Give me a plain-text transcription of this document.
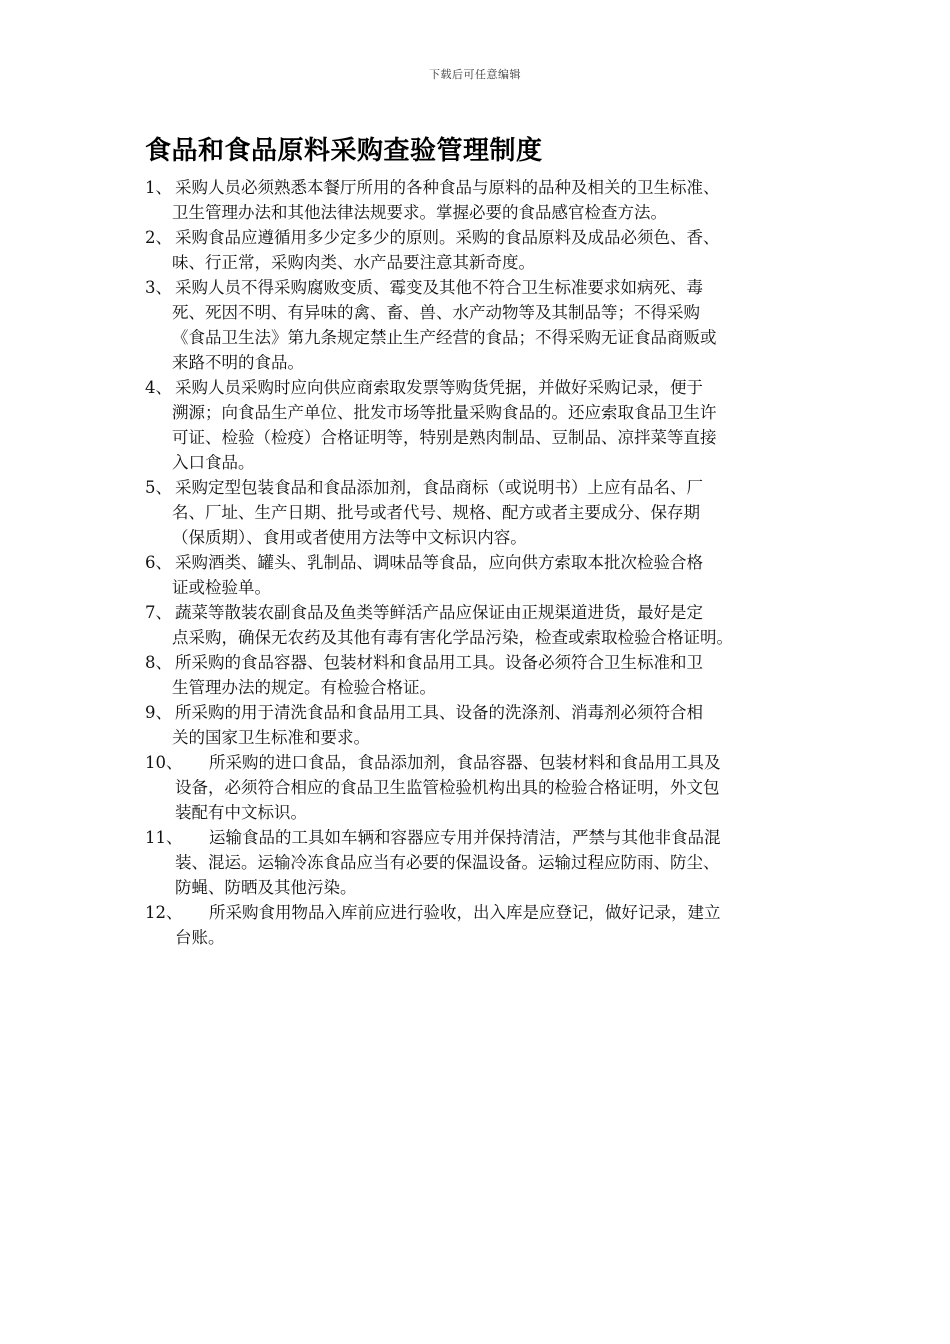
下载后可任意编辑
食品和食品原料采购查验管理制度
1、 采购人员必须熟悉本餐厅所用的各种食品与原料的品种及相关的卫生标准、
卫生管理办法和其他法律法规要求。掌握必要的食品感官检查方法。
2、 采购食品应遵循用多少定多少的原则。采购的食品原料及成品必须色、香、
味、行正常，采购肉类、水产品要注意其新奇度。
3、 采购人员不得采购腐败变质、霉变及其他不符合卫生标准要求如病死、毒
死、死因不明、有异味的禽、畜、兽、水产动物等及其制品等；不得采购
《食品卫生法》第九条规定禁止生产经营的食品；不得采购无证食品商贩或
来路不明的食品。
4、 采购人员采购时应向供应商索取发票等购货凭据，并做好采购记录，便于
溯源；向食品生产单位、批发市场等批量采购食品的。还应索取食品卫生许
可证、检验（检疫）合格证明等，特别是熟肉制品、豆制品、凉拌菜等直接
入口食品。
5、 采购定型包装食品和食品添加剂，食品商标（或说明书）上应有品名、厂
名、厂址、生产日期、批号或者代号、规格、配方或者主要成分、保存期
（保质期）、食用或者使用方法等中文标识内容。
6、 采购酒类、罐头、乳制品、调味品等食品，应向供方索取本批次检验合格
证或检验单。
7、 蔬菜等散装农副食品及鱼类等鲜活产品应保证由正规渠道进货，最好是定
点采购，确保无农药及其他有毒有害化学品污染，检查或索取检验合格证明。
8、 所采购的食品容器、包装材料和食品用工具。设备必须符合卫生标准和卫
生管理办法的规定。有检验合格证。
9、 所采购的用于清洗食品和食品用工具、设备的洗涤剂、消毒剂必须符合相
关的国家卫生标准和要求。
10、	所采购的进口食品，食品添加剂，食品容器、包装材料和食品用工具及
设备，必须符合相应的食品卫生监管检验机构出具的检验合格证明，外文包
装配有中文标识。
11、	运输食品的工具如车辆和容器应专用并保持清洁，严禁与其他非食品混
装、混运。运输冷冻食品应当有必要的保温设备。运输过程应防雨、防尘、
防蝇、防晒及其他污染。
12、	所采购食用物品入库前应进行验收，出入库是应登记，做好记录，建立
台账。
